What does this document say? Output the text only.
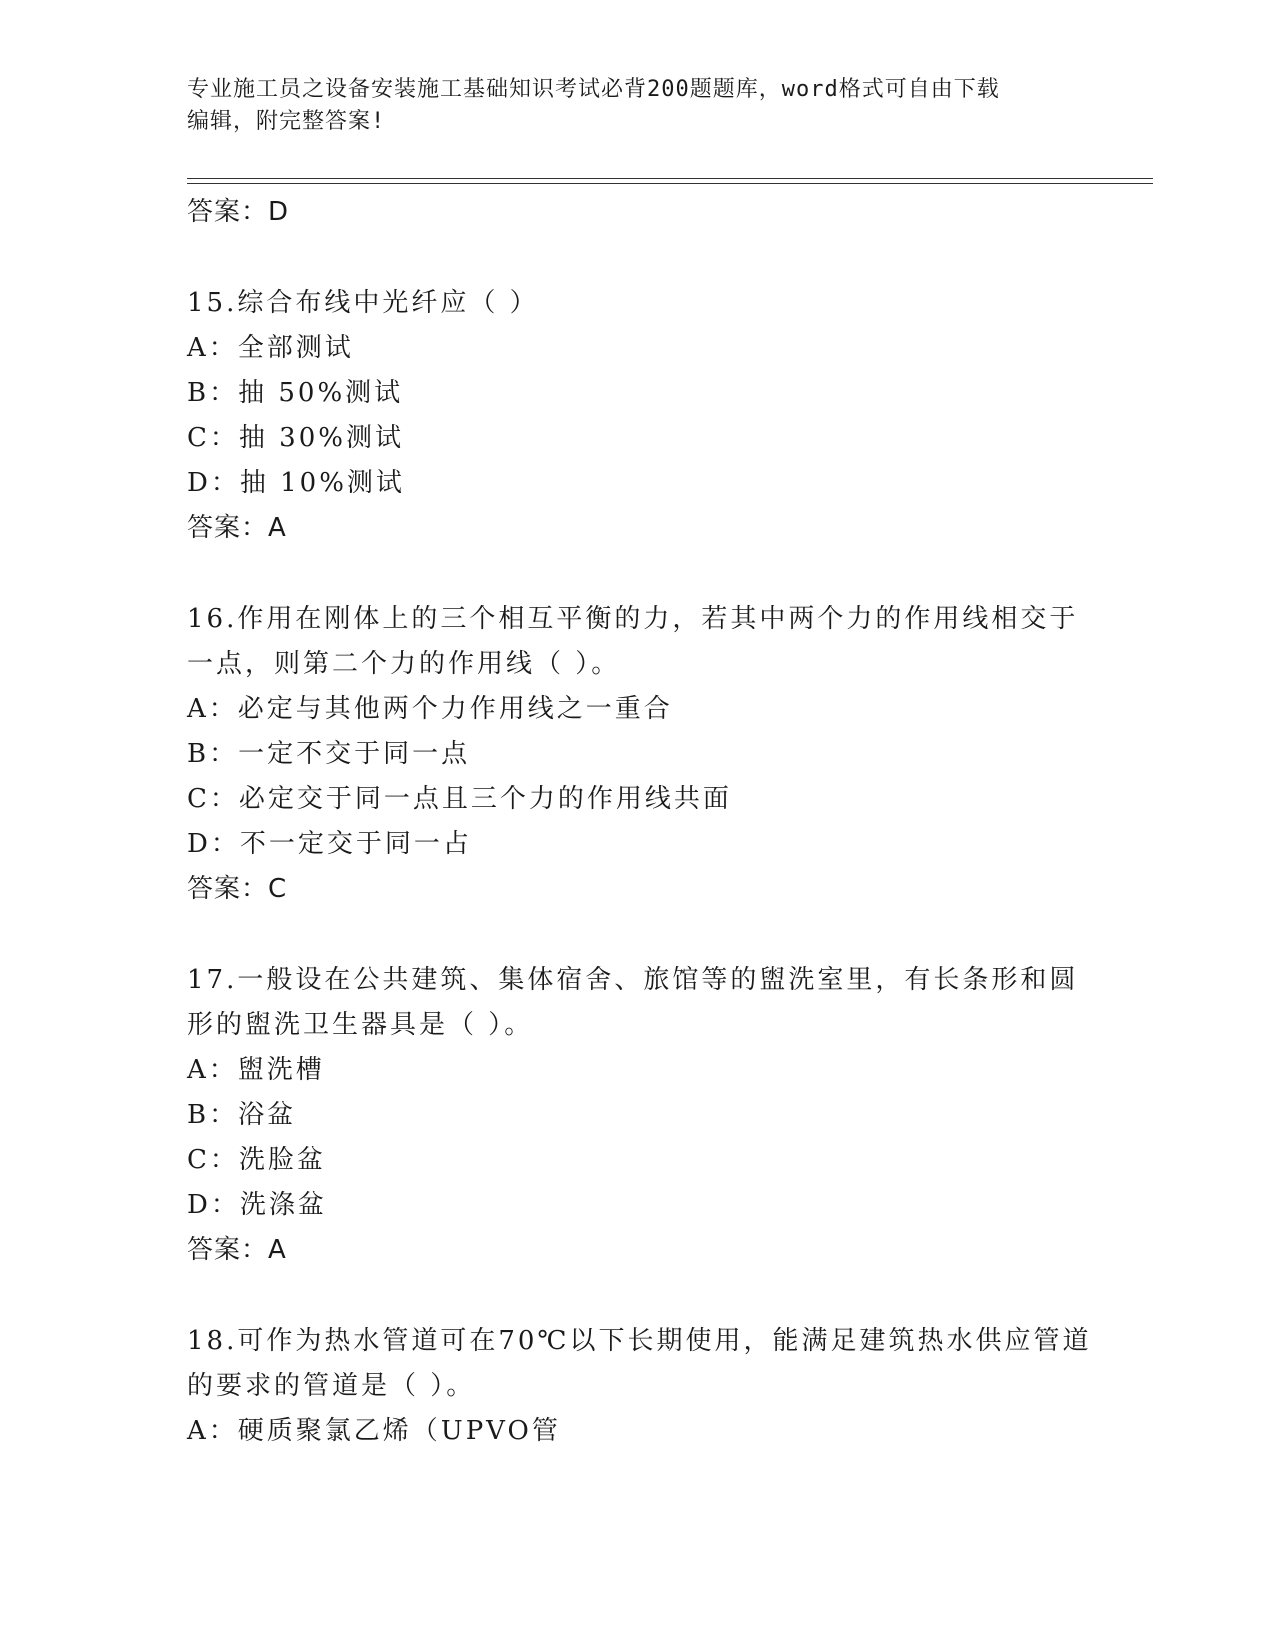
专业施工员之设备安装施工基础知识考试必背200题题库，word格式可自由下载
编辑，附完整答案!
答案：D
15.综合布线中光纤应（ ）
A：全部测试
B：抽 50%测试
C：抽 30%测试
D：抽 10%测试
答案：A
16.作用在刚体上的三个相互平衡的力，若其中两个力的作用线相交于
一点，则第二个力的作用线（ ）。
A：必定与其他两个力作用线之一重合
B：一定不交于同一点
C：必定交于同一点且三个力的作用线共面
D：不一定交于同一占
答案：C
17.一般设在公共建筑、集体宿舍、旅馆等的盥洗室里，有长条形和圆
形的盥洗卫生器具是（ ）。
A：盥洗槽
B：浴盆
C：洗脸盆
D：洗涤盆
答案：A
18.可作为热水管道可在70℃以下长期使用，能满足建筑热水供应管道
的要求的管道是（ ）。
A：硬质聚氯乙烯（UPVO管
